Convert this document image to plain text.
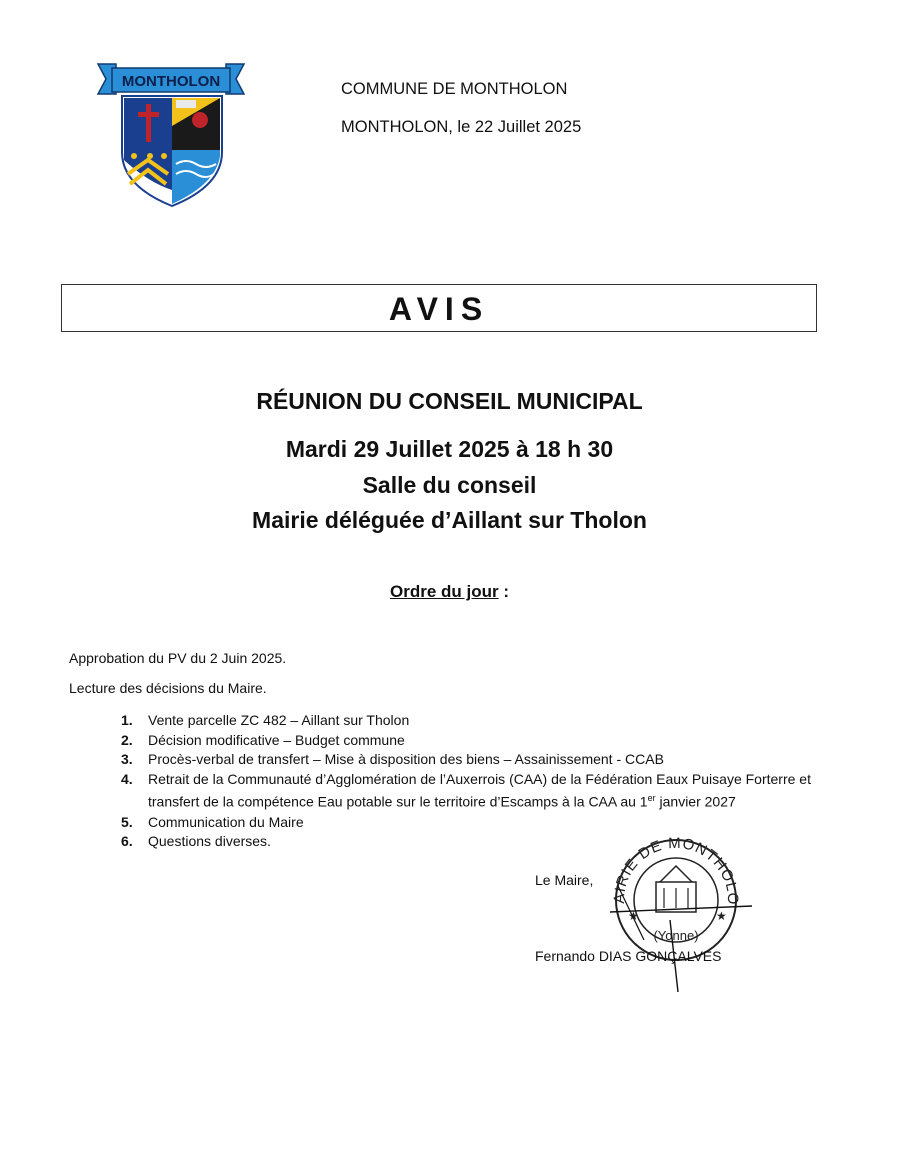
MONTHOLON	COMMUNE DE MONTHOLON
MONTHOLON, le 22 Juillet 2025
AVIS
RÉUNION DU CONSEIL MUNICIPAL
Mardi 29 Juillet 2025 à 18 h 30
Salle du conseil
Mairie déléguée d’Aillant sur Tholon
Ordre du jour :
Approbation du PV du 2 Juin 2025.
Lecture des décisions du Maire.
1. Vente parcelle ZC 482 – Aillant sur Tholon
2. Décision modificative – Budget commune
3. Procès-verbal de transfert – Mise à disposition des biens – Assainissement - CCAB
4. Retrait de la Communauté d’Agglomération de l’Auxerrois (CAA) de la Fédération Eaux Puisaye Forterre et transfert de la compétence Eau potable sur le territoire d’Escamps à la CAA au 1er janvier 2027
5. Communication du Maire
6. Questions diverses.
Le Maire,
AIRIE DE MONTHOLO
(Yonne)
★	★
Fernando DIAS GONÇALVES
